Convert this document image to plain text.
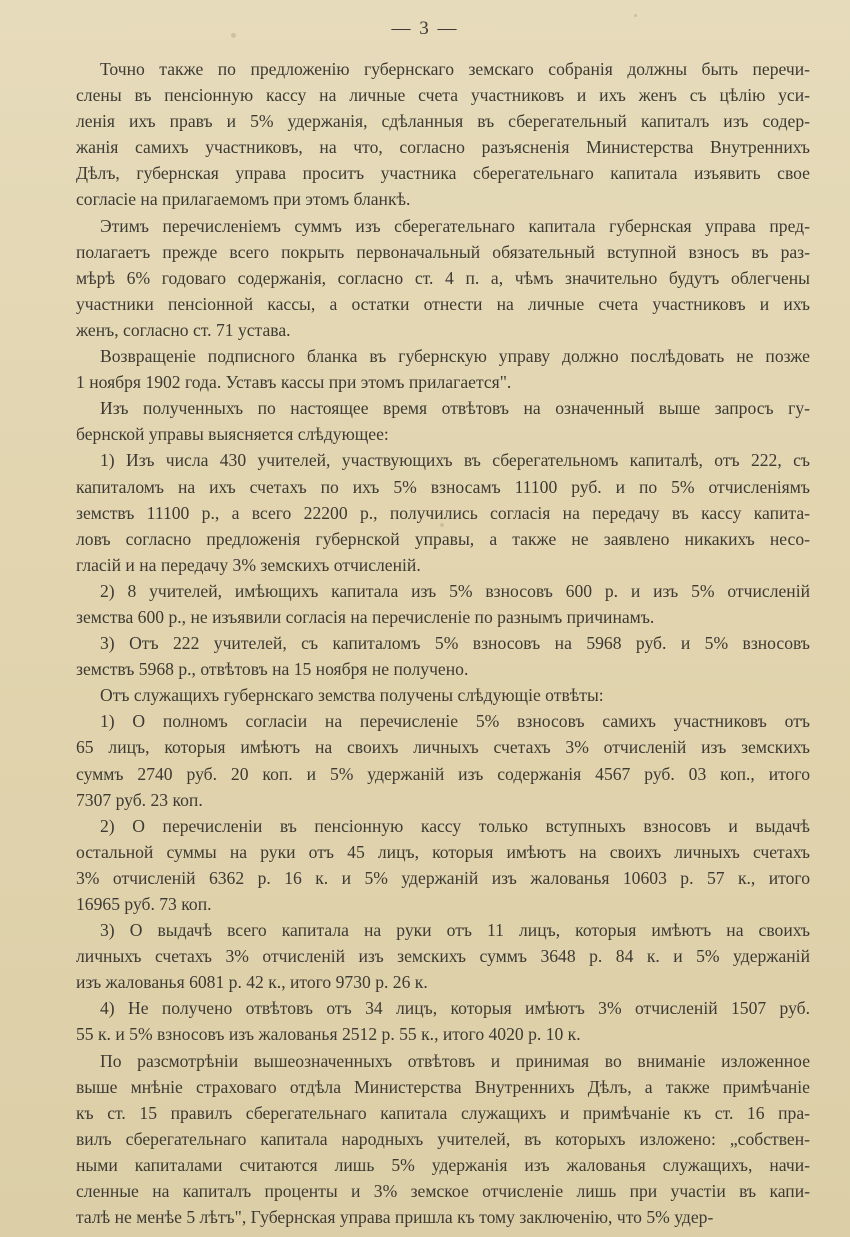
— 3 —
Точно также по предложенію губернскаго земскаго собранія должны быть перечи-
слены въ пенсіонную кассу на личные счета участниковъ и ихъ женъ съ цѣлію уси-
ленія ихъ правъ и 5% удержанія, сдѣланныя въ сберегательный капиталъ изъ содер-
жанія самихъ участниковъ, на что, согласно разъясненія Министерства Внутреннихъ
Дѣлъ, губернская управа проситъ участника сберегательнаго капитала изъявить свое
согласіе на прилагаемомъ при этомъ бланкѣ.
Этимъ перечисленіемъ суммъ изъ сберегательнаго капитала губернская управа пред-
полагаетъ прежде всего покрыть первоначальный обязательный вступной взносъ въ раз-
мѣрѣ 6% годоваго содержанія, согласно ст. 4 п. а, чѣмъ значительно будутъ облегчены
участники пенсіонной кассы, а остатки отнести на личные счета участниковъ и ихъ
женъ, согласно ст. 71 устава.
Возвращеніе подписного бланка въ губернскую управу должно послѣдовать не позже
1 ноября 1902 года. Уставъ кассы при этомъ прилагается".
Изъ полученныхъ по настоящее время отвѣтовъ на означенный выше запросъ гу-
бернской управы выясняется слѣдующее:
1) Изъ числа 430 учителей, участвующихъ въ сберегательномъ капиталѣ, отъ 222, съ
капиталомъ на ихъ счетахъ по ихъ 5% взносамъ 11100 руб. и по 5% отчисленіямъ
земствъ 11100 р., а всего 22200 р., получились согласія на передачу въ кассу капита-
ловъ согласно предложенія губернской управы, а также не заявлено никакихъ несо-
гласій и на передачу 3% земскихъ отчисленій.
2) 8 учителей, имѣющихъ капитала изъ 5% взносовъ 600 р. и изъ 5% отчисленій
земства 600 р., не изъявили согласія на перечисленіе по разнымъ причинамъ.
3) Отъ 222 учителей, съ капиталомъ 5% взносовъ на 5968 руб. и 5% взносовъ
земствъ 5968 р., отвѣтовъ на 15 ноября не получено.
Отъ служащихъ губернскаго земства получены слѣдующіе отвѣты:
1) О полномъ согласіи на перечисленіе 5% взносовъ самихъ участниковъ отъ
65 лицъ, которыя имѣютъ на своихъ личныхъ счетахъ 3% отчисленій изъ земскихъ
суммъ 2740 руб. 20 коп. и 5% удержаній изъ содержанія 4567 руб. 03 коп., итого
7307 руб. 23 коп.
2) О перечисленіи въ пенсіонную кассу только вступныхъ взносовъ и выдачѣ
остальной суммы на руки отъ 45 лицъ, которыя имѣютъ на своихъ личныхъ счетахъ
3% отчисленій 6362 р. 16 к. и 5% удержаній изъ жалованья 10603 р. 57 к., итого
16965 руб. 73 коп.
3) О выдачѣ всего капитала на руки отъ 11 лицъ, которыя имѣютъ на своихъ
личныхъ счетахъ 3% отчисленій изъ земскихъ суммъ 3648 р. 84 к. и 5% удержаній
изъ жалованья 6081 р. 42 к., итого 9730 р. 26 к.
4) Не получено отвѣтовъ отъ 34 лицъ, которыя имѣютъ 3% отчисленій 1507 руб.
55 к. и 5% взносовъ изъ жалованья 2512 р. 55 к., итого 4020 р. 10 к.
По разсмотрѣніи вышеозначенныхъ отвѣтовъ и принимая во вниманіе изложенное
выше мнѣніе страховаго отдѣла Министерства Внутреннихъ Дѣлъ, а также примѣчаніе
къ ст. 15 правилъ сберегательнаго капитала служащихъ и примѣчаніе къ ст. 16 пра-
вилъ сберегательнаго капитала народныхъ учителей, въ которыхъ изложено: „собствен-
ными капиталами считаются лишь 5% удержанія изъ жалованья служащихъ, начи-
сленные на капиталъ проценты и 3% земское отчисленіе лишь при участіи въ капи-
талѣ не менѣе 5 лѣтъ", Губернская управа пришла къ тому заключенію, что 5% удер-
